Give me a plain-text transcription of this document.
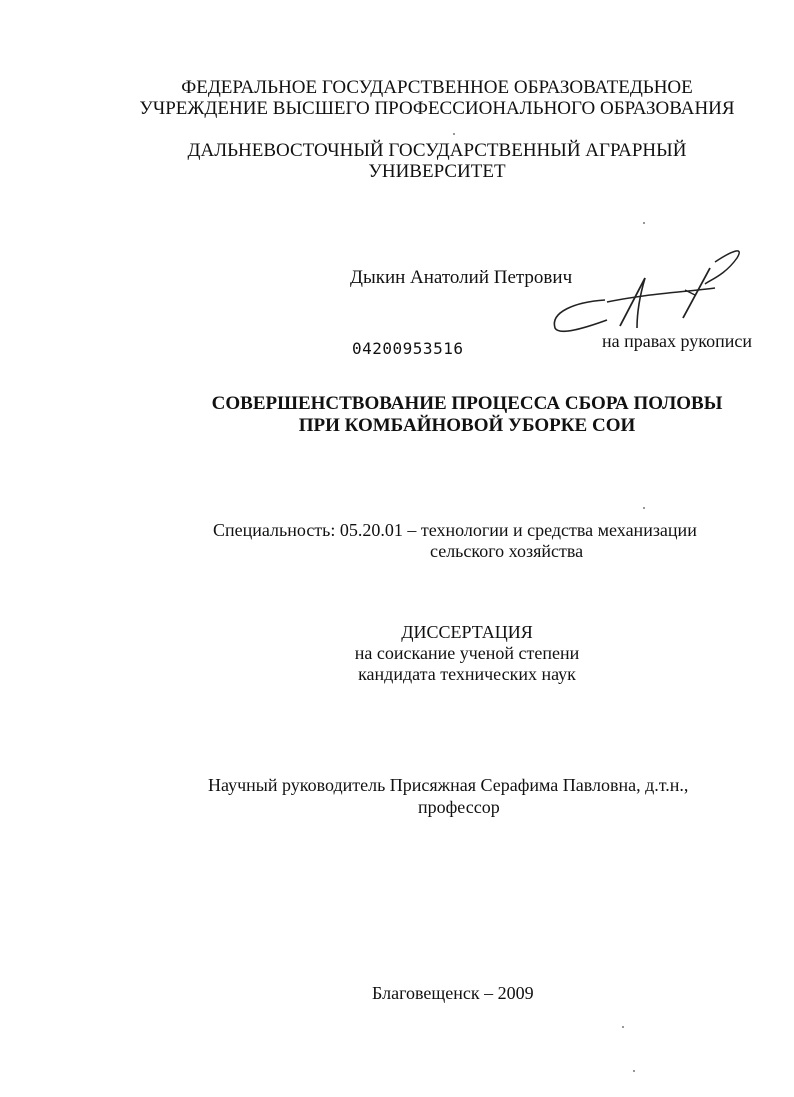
ФЕДЕРАЛЬНОЕ ГОСУДАРСТВЕННОЕ ОБРАЗОВАТЕДЬНОЕ
УЧРЕЖДЕНИЕ ВЫСШЕГО ПРОФЕССИОНАЛЬНОГО ОБРАЗОВАНИЯ
ДАЛЬНЕВОСТОЧНЫЙ ГОСУДАРСТВЕННЫЙ АГРАРНЫЙ
УНИВЕРСИТЕТ
Дыкин Анатолий Петрович
04200953516	на правах рукописи
СОВЕРШЕНСТВОВАНИЕ ПРОЦЕССА СБОРА ПОЛОВЫ
ПРИ КОМБАЙНОВОЙ УБОРКЕ СОИ
Специальность: 05.20.01 – технологии и средства механизации
сельского хозяйства
ДИССЕРТАЦИЯ
на соискание ученой степени
кандидата технических наук
Научный руководитель Присяжная Серафима Павловна, д.т.н.,
профессор
Благовещенск – 2009
